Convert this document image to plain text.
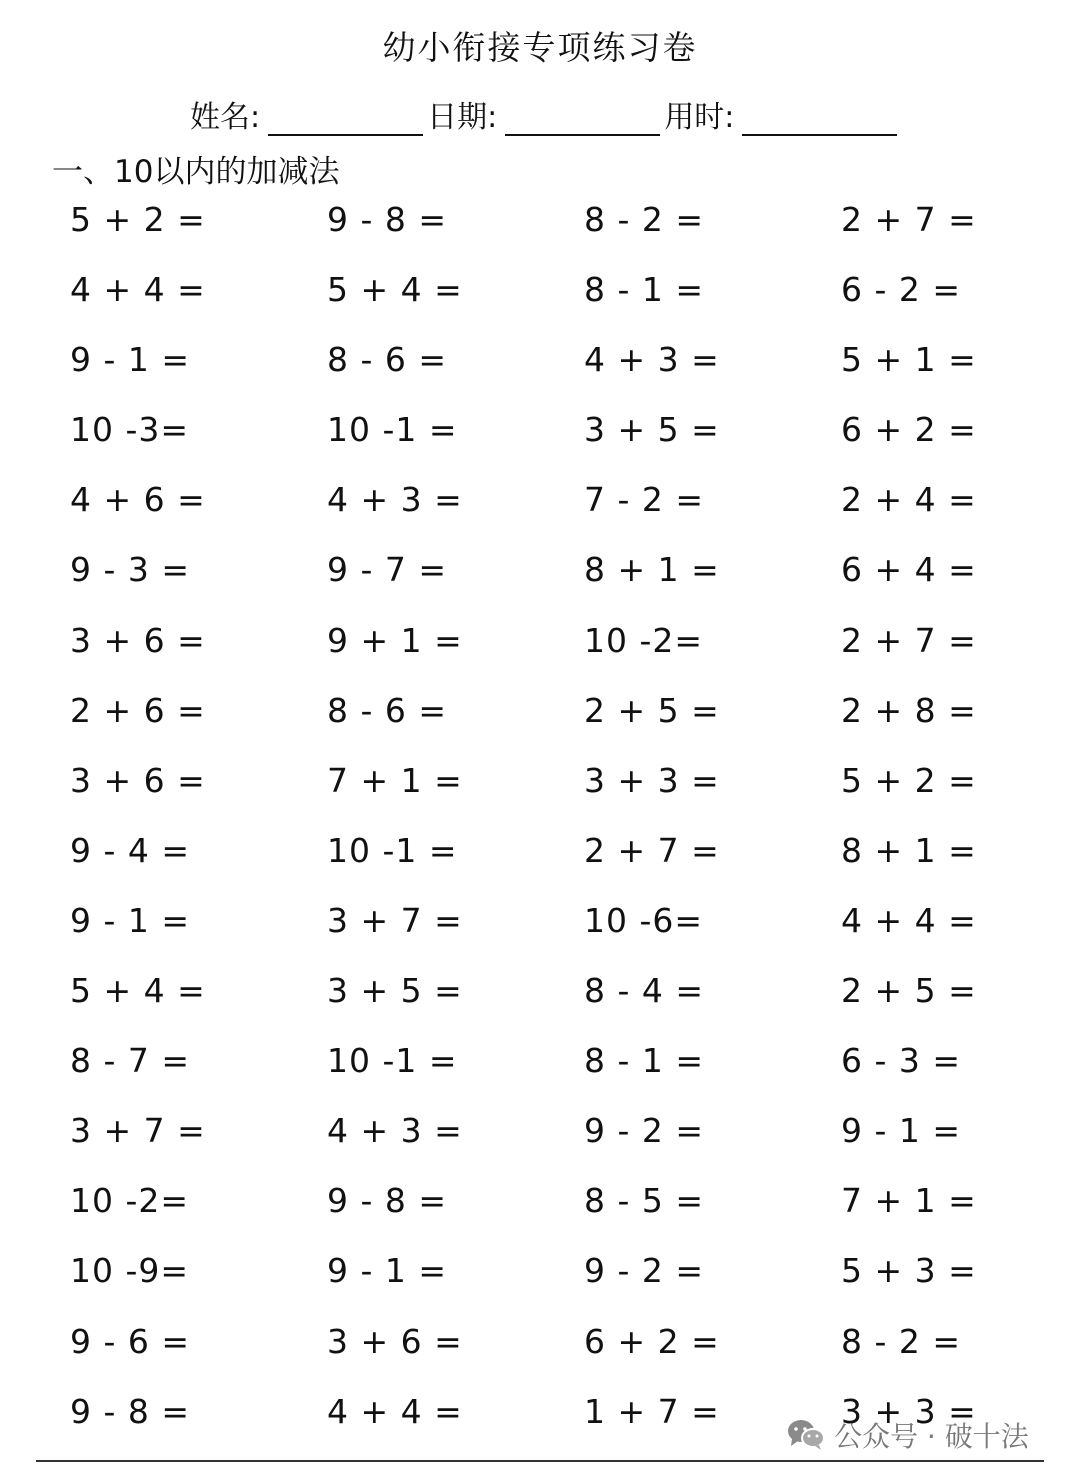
幼小衔接专项练习卷
姓名:	日期:	用时:
一、10以内的加减法
5 + 2 =	9 - 8 =	8 - 2 =	2 + 7 =
4 + 4 =	5 + 4 =	8 - 1 =	6 - 2 =
9 - 1 =	8 - 6 =	4 + 3 =	5 + 1 =
10 -3=	10 -1 =	3 + 5 =	6 + 2 =
4 + 6 =	4 + 3 =	7 - 2 =	2 + 4 =
9 - 3 =	9 - 7 =	8 + 1 =	6 + 4 =
3 + 6 =	9 + 1 =	10 -2=	2 + 7 =
2 + 6 =	8 - 6 =	2 + 5 =	2 + 8 =
3 + 6 =	7 + 1 =	3 + 3 =	5 + 2 =
9 - 4 =	10 -1 =	2 + 7 =	8 + 1 =
9 - 1 =	3 + 7 =	10 -6=	4 + 4 =
5 + 4 =	3 + 5 =	8 - 4 =	2 + 5 =
8 - 7 =	10 -1 =	8 - 1 =	6 - 3 =
3 + 7 =	4 + 3 =	9 - 2 =	9 - 1 =
10 -2=	9 - 8 =	8 - 5 =	7 + 1 =
10 -9=	9 - 1 =	9 - 2 =	5 + 3 =
9 - 6 =	3 + 6 =	6 + 2 =	8 - 2 =
9 - 8 =	4 + 4 =	1 + 7 =	3 + 3 =
公众号 · 破十法
